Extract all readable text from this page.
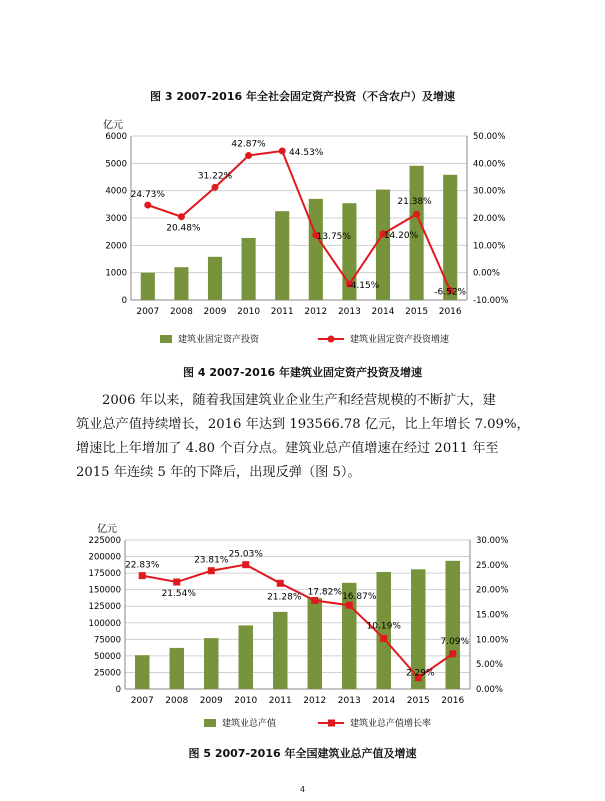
图 3 2007-2016 年全社会固定资产投资（不含农户）及增速
亿元
0
1000
2000
3000
4000
5000
6000
-10.00%
0.00%
10.00%
20.00%
30.00%
40.00%
50.00%
2007 2008 2009 2010 2011 2012 2013 2014 2015 2016
24.73%
20.48%
31.22%
42.87%
44.53%
13.75%
-4.15%
14.20%
21.38%
-6.52%
建筑业固定资产投资	建筑业固定资产投资增速
图 4 2007-2016 年建筑业固定资产投资及增速

2006 年以来，随着我国建筑业企业生产和经营规模的不断扩大，建

筑业总产值持续增长，2016 年达到 193566.78 亿元，比上年增长 7.09%，

增速比上年增加了 4.80 个百分点。建筑业总产值增速在经过 2011 年至

2015 年连续 5 年的下降后，出现反弹（图 5）。

亿元
0
25000
50000
75000
100000
125000
150000
175000
200000
225000
0.00%
5.00%
10.00%
15.00%
20.00%
25.00%
30.00%
2007 2008 2009 2010 2011 2012 2013 2014 2015 2016
22.83%
21.54%
23.81%
25.03%
21.28% 17.82% 16.87%
10.19%
2.29%
7.09%
建筑业总产值	建筑业总产值增长率
图 5 2007-2016 年全国建筑业总产值及增速
4
